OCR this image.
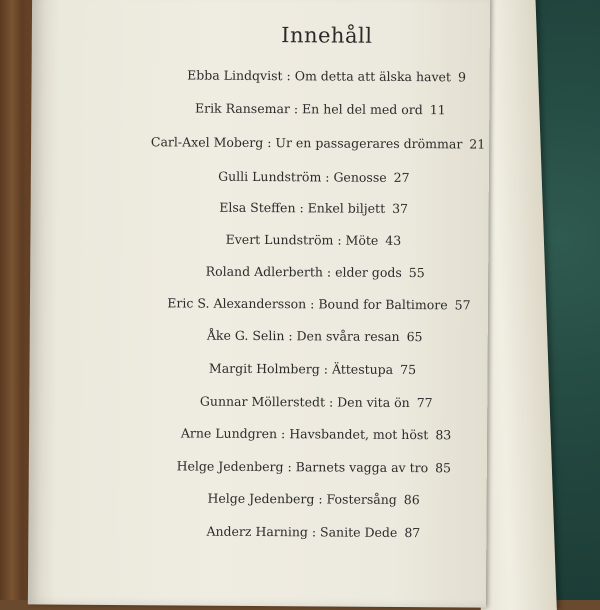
Innehåll
Ebba Lindqvist : Om detta att älska havet 9
Erik Ransemar : En hel del med ord 11
Carl-Axel Moberg : Ur en passagerares drömmar 21
Gulli Lundström : Genosse 27
Elsa Steffen : Enkel biljett 37
Evert Lundström : Möte 43
Roland Adlerberth : elder gods 55
Eric S. Alexandersson : Bound for Baltimore 57
Åke G. Selin : Den svåra resan 65
Margit Holmberg : Ättestupa 75
Gunnar Möllerstedt : Den vita ön 77
Arne Lundgren : Havsbandet, mot höst 83
Helge Jedenberg : Barnets vagga av tro 85
Helge Jedenberg : Fostersång 86
Anderz Harning : Sanite Dede 87
